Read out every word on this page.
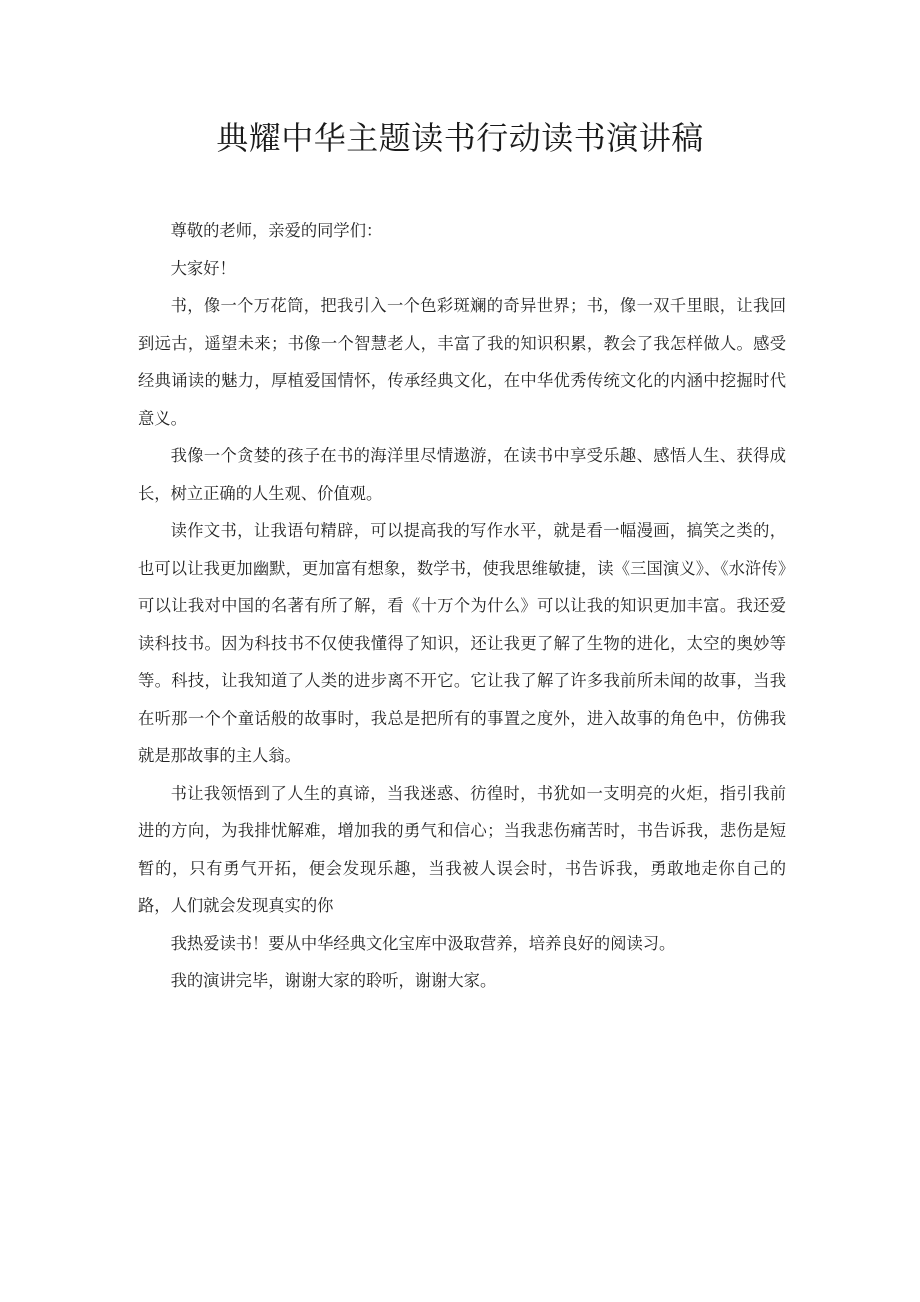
典耀中华主题读书行动读书演讲稿

尊敬的老师，亲爱的同学们：

大家好！

书，像一个万花筒，把我引入一个色彩斑斓的奇异世界；书，像一双千里眼，让我回到远古，遥望未来；书像一个智慧老人，丰富了我的知识积累，教会了我怎样做人。感受经典诵读的魅力，厚植爱国情怀，传承经典文化，在中华优秀传统文化的内涵中挖掘时代意义。

我像一个贪婪的孩子在书的海洋里尽情遨游，在读书中享受乐趣、感悟人生、获得成长，树立正确的人生观、价值观。

读作文书，让我语句精辟，可以提高我的写作水平，就是看一幅漫画，搞笑之类的，也可以让我更加幽默，更加富有想象，数学书，使我思维敏捷，读《三国演义》、《水浒传》可以让我对中国的名著有所了解，看《十万个为什么》可以让我的知识更加丰富。我还爱读科技书。因为科技书不仅使我懂得了知识，还让我更了解了生物的进化，太空的奥妙等等。科技，让我知道了人类的进步离不开它。它让我了解了许多我前所未闻的故事，当我在听那一个个童话般的故事时，我总是把所有的事置之度外，进入故事的角色中，仿佛我就是那故事的主人翁。

书让我领悟到了人生的真谛，当我迷惑、彷徨时，书犹如一支明亮的火炬，指引我前进的方向，为我排忧解难，增加我的勇气和信心；当我悲伤痛苦时，书告诉我，悲伤是短暂的，只有勇气开拓，便会发现乐趣，当我被人误会时，书告诉我，勇敢地走你自己的路，人们就会发现真实的你

我热爱读书！要从中华经典文化宝库中汲取营养，培养良好的阅读习。

我的演讲完毕，谢谢大家的聆听，谢谢大家。
